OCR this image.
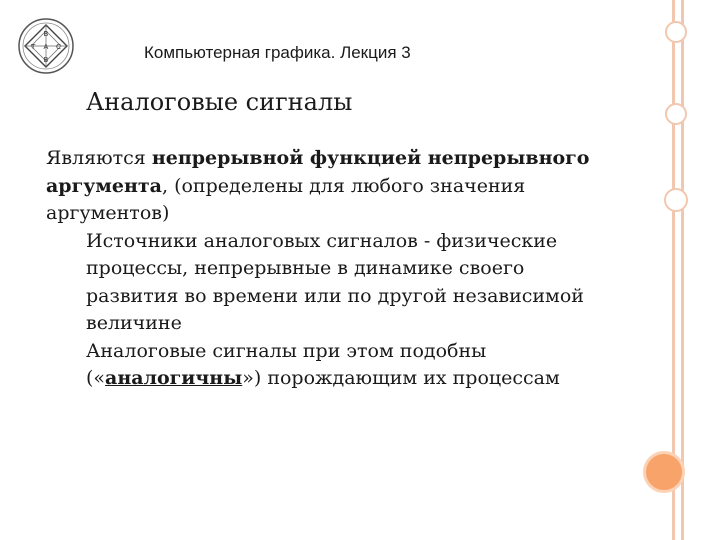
В
Т А С
В	Компьютерная графика. Лекция 3
Аналоговые сигналы
Являются непрерывной функцией непрерывного
аргумента, (определены для любого значения
аргументов)
Источники аналоговых сигналов - физические
процессы, непрерывные в динамике своего
развития во времени или по другой независимой
величине
Аналоговые сигналы при этом подобны
(«аналогичны») порождающим их процессам
